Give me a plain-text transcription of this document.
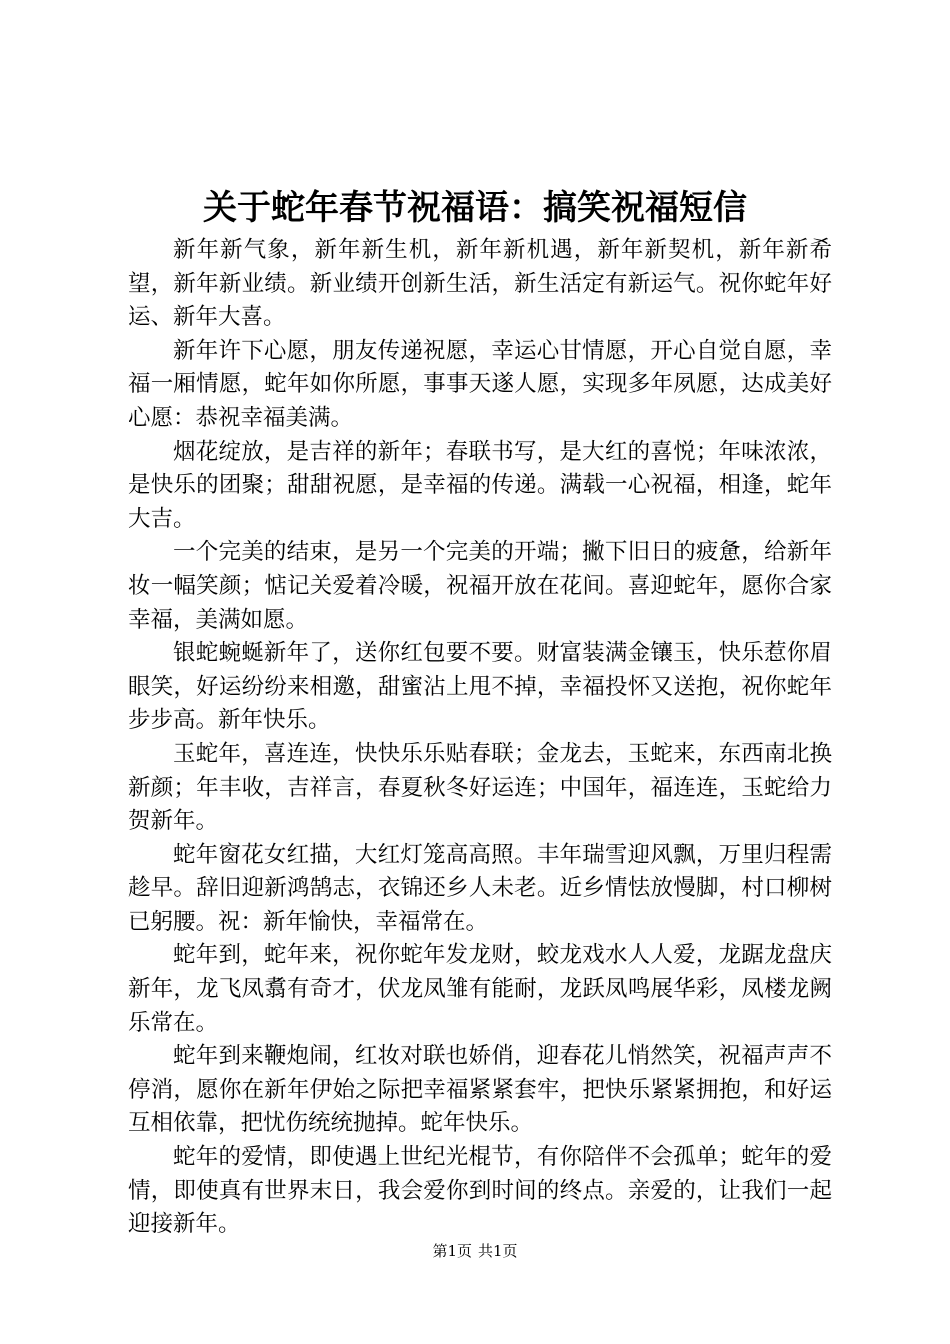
关于蛇年春节祝福语：搞笑祝福短信

新年新气象，新年新生机，新年新机遇，新年新契机，新年新希望，新年新业绩。新业绩开创新生活，新生活定有新运气。祝你蛇年好运、新年大喜。

新年许下心愿，朋友传递祝愿，幸运心甘情愿，开心自觉自愿，幸福一厢情愿，蛇年如你所愿，事事天遂人愿，实现多年夙愿，达成美好心愿：恭祝幸福美满。

烟花绽放，是吉祥的新年；春联书写，是大红的喜悦；年味浓浓，是快乐的团聚；甜甜祝愿，是幸福的传递。满载一心祝福，相逢，蛇年大吉。

一个完美的结束，是另一个完美的开端；撇下旧日的疲惫，给新年妆一幅笑颜；惦记关爱着冷暖，祝福开放在花间。喜迎蛇年，愿你合家幸福，美满如愿。

银蛇蜿蜒新年了，送你红包要不要。财富装满金镶玉，快乐惹你眉眼笑，好运纷纷来相邀，甜蜜沾上甩不掉，幸福投怀又送抱，祝你蛇年步步高。新年快乐。

玉蛇年，喜连连，快快乐乐贴春联；金龙去，玉蛇来，东西南北换新颜；年丰收，吉祥言，春夏秋冬好运连；中国年，福连连，玉蛇给力贺新年。

蛇年窗花女红描，大红灯笼高高照。丰年瑞雪迎风飘，万里归程需趁早。辞旧迎新鸿鹄志，衣锦还乡人未老。近乡情怯放慢脚，村口柳树已躬腰。祝：新年愉快，幸福常在。

蛇年到，蛇年来，祝你蛇年发龙财，蛟龙戏水人人爱，龙踞龙盘庆新年，龙飞凤翥有奇才，伏龙凤雏有能耐，龙跃凤鸣展华彩，凤楼龙阙乐常在。

蛇年到来鞭炮闹，红妆对联也娇俏，迎春花儿悄然笑，祝福声声不停消，愿你在新年伊始之际把幸福紧紧套牢，把快乐紧紧拥抱，和好运互相依靠，把忧伤统统抛掉。蛇年快乐。

蛇年的爱情，即使遇上世纪光棍节，有你陪伴不会孤单；蛇年的爱情，即使真有世界末日，我会爱你到时间的终点。亲爱的，让我们一起迎接新年。

第1页 共1页
